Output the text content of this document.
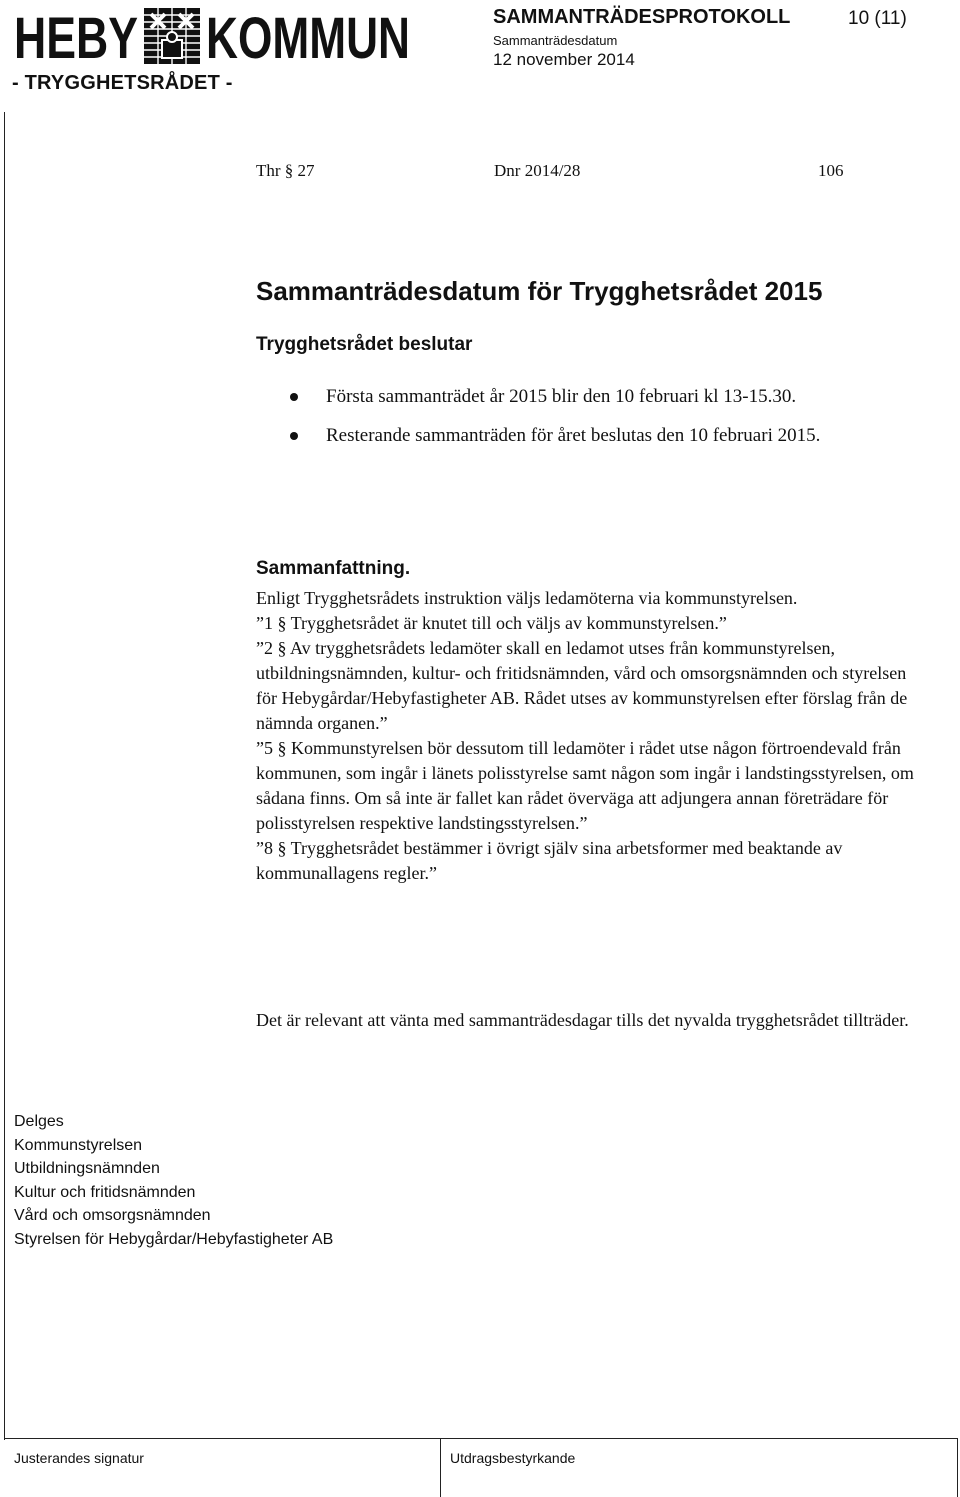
HEBY KOMMUN
- TRYGGHETSRÅDET -
SAMMANTRÄDESPROTOKOLL	10 (11)
Sammanträdesdatum
12 november 2014
Thr § 27	Dnr 2014/28	106
Sammanträdesdatum för Trygghetsrådet 2015
Trygghetsrådet beslutar
Första sammanträdet år 2015 blir den 10 februari kl 13-15.30.
Resterande sammanträden för året beslutas den 10 februari 2015.
Sammanfattning.

Enligt Trygghetsrådets instruktion väljs ledamöterna via kommunstyrelsen.

”1 § Trygghetsrådet är knutet till och väljs av kommunstyrelsen.”

”2 § Av trygghetsrådets ledamöter skall en ledamot utses från kommunstyrelsen, utbildningsnämnden, kultur- och fritidsnämnden, vård och omsorgsnämnden och styrelsen för Hebygårdar/Hebyfastigheter AB. Rådet utses av kommunstyrelsen efter förslag från de nämnda organen.”

”5 § Kommunstyrelsen bör dessutom till ledamöter i rådet utse någon förtroendevald från kommunen, som ingår i länets polisstyrelse samt någon som ingår i landstingsstyrelsen, om sådana finns. Om så inte är fallet kan rådet överväga att adjungera annan företrädare för polisstyrelsen respektive landstingsstyrelsen.”

”8 § Trygghetsrådet bestämmer i övrigt själv sina arbetsformer med beaktande av kommunallagens regler.”

Det är relevant att vänta med sammanträdesdagar tills det nyvalda trygghetsrådet tillträder.
Delges
Kommunstyrelsen
Utbildningsnämnden
Kultur och fritidsnämnden
Vård och omsorgsnämnden
Styrelsen för Hebygårdar/Hebyfastigheter AB
Justerandes signatur	Utdragsbestyrkande
